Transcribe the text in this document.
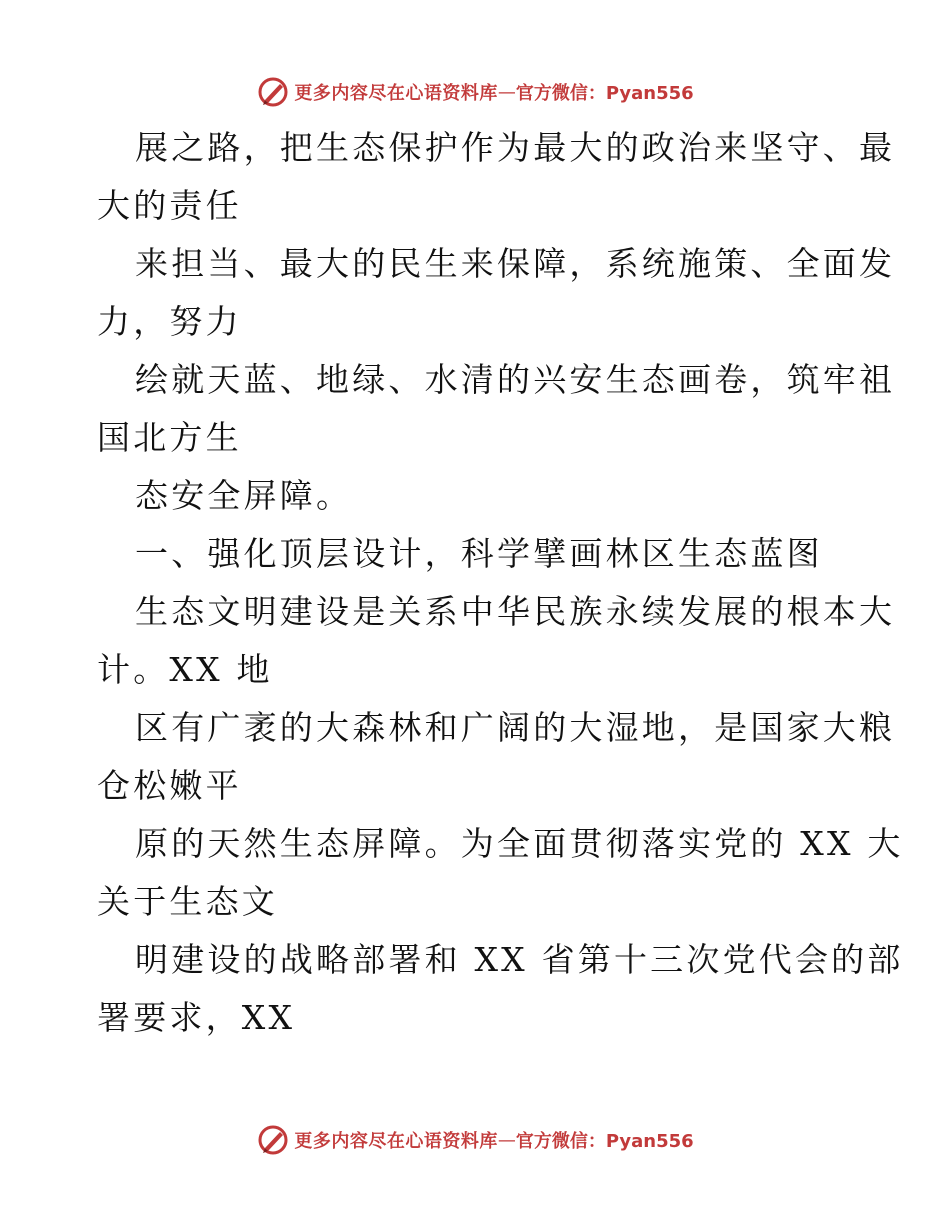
更多内容尽在心语资料库 — 官方微信：Pyan556
展之路，把生态保护作为最大的政治来坚守、最
大的责任
来担当、最大的民生来保障，系统施策、全面发
力，努力
绘就天蓝、地绿、水清的兴安生态画卷，筑牢祖
国北方生
态安全屏障。
一、强化顶层设计，科学擘画林区生态蓝图
生态文明建设是关系中华民族永续发展的根本大
计。XX 地
区有广袤的大森林和广阔的大湿地，是国家大粮
仓松嫩平
原的天然生态屏障。为全面贯彻落实党的 XX 大
关于生态文
明建设的战略部署和 XX 省第十三次党代会的部
署要求，XX
更多内容尽在心语资料库 — 官方微信：Pyan556
